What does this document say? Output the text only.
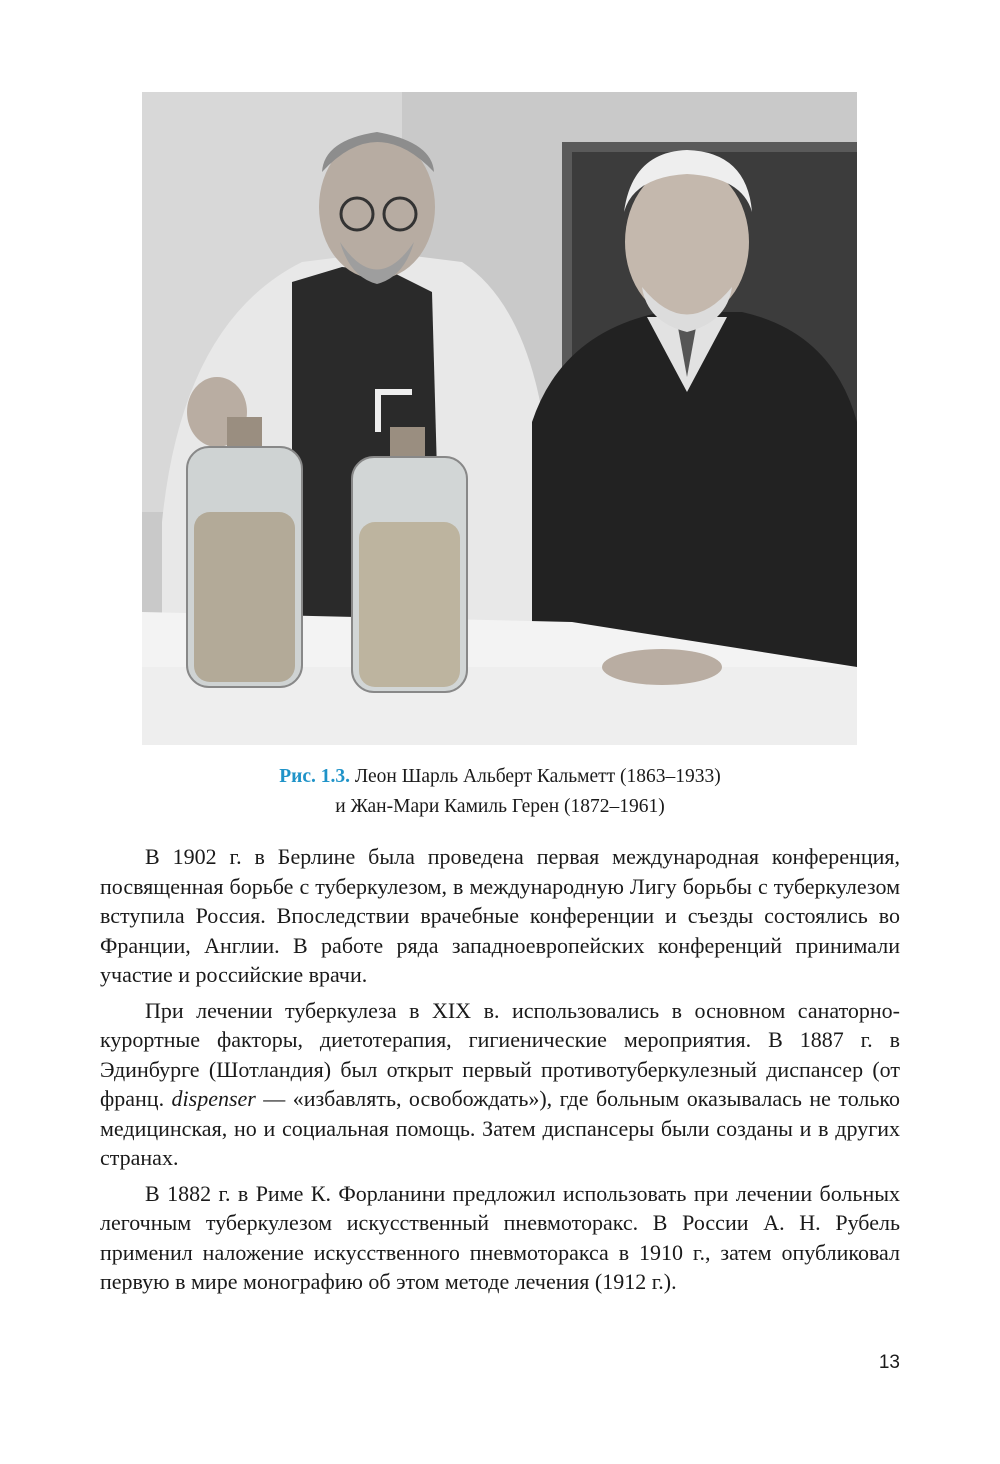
Рис. 1.3. Леон Шарль Альберт Кальметт (1863–1933)
и Жан-Мари Камиль Герен (1872–1961)

В 1902 г. в Берлине была проведена первая международная конференция, посвященная борьбе с туберкулезом, в международную Лигу борьбы с туберкулезом вступила Россия. Впоследствии врачебные конференции и съезды состоялись во Франции, Англии. В работе ряда западноевропейских конференций принимали участие и российские врачи.

При лечении туберкулеза в XIX в. использовались в основном санаторно-курортные факторы, диетотерапия, гигиенические мероприятия. В 1887 г. в Эдинбурге (Шотландия) был открыт первый противотуберкулезный диспансер (от франц. dispenser — «избавлять, освобождать»), где больным оказывалась не только медицинская, но и социальная помощь. Затем диспансеры были созданы и в других странах.

В 1882 г. в Риме К. Форланини предложил использовать при лечении больных легочным туберкулезом искусственный пневмоторакс. В России А. Н. Рубель применил наложение искусственного пневмоторакса в 1910 г., затем опубликовал первую в мире монографию об этом методе лечения (1912 г.).

13
